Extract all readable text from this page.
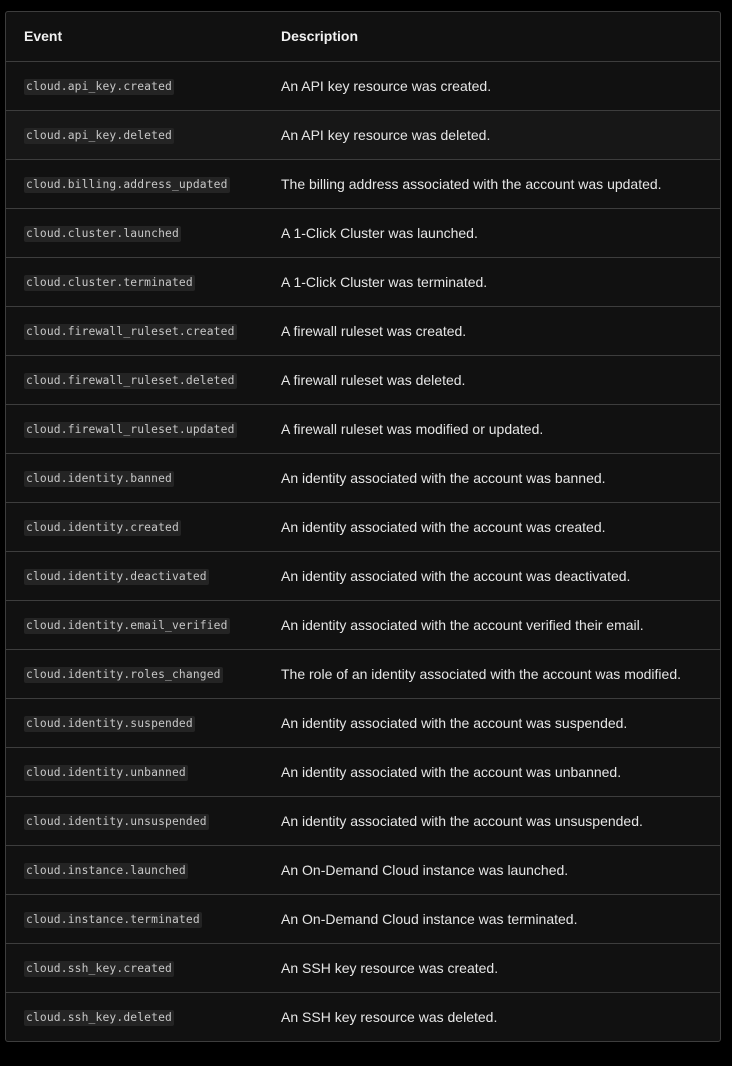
Event	Description
cloud.api_key.created	An API key resource was created.
cloud.api_key.deleted	An API key resource was deleted.
cloud.billing.address_updated	The billing address associated with the account was updated.
cloud.cluster.launched	A 1-Click Cluster was launched.
cloud.cluster.terminated	A 1-Click Cluster was terminated.
cloud.firewall_ruleset.created	A firewall ruleset was created.
cloud.firewall_ruleset.deleted	A firewall ruleset was deleted.
cloud.firewall_ruleset.updated	A firewall ruleset was modified or updated.
cloud.identity.banned	An identity associated with the account was banned.
cloud.identity.created	An identity associated with the account was created.
cloud.identity.deactivated	An identity associated with the account was deactivated.
cloud.identity.email_verified	An identity associated with the account verified their email.
cloud.identity.roles_changed	The role of an identity associated with the account was modified.
cloud.identity.suspended	An identity associated with the account was suspended.
cloud.identity.unbanned	An identity associated with the account was unbanned.
cloud.identity.unsuspended	An identity associated with the account was unsuspended.
cloud.instance.launched	An On-Demand Cloud instance was launched.
cloud.instance.terminated	An On-Demand Cloud instance was terminated.
cloud.ssh_key.created	An SSH key resource was created.
cloud.ssh_key.deleted	An SSH key resource was deleted.
